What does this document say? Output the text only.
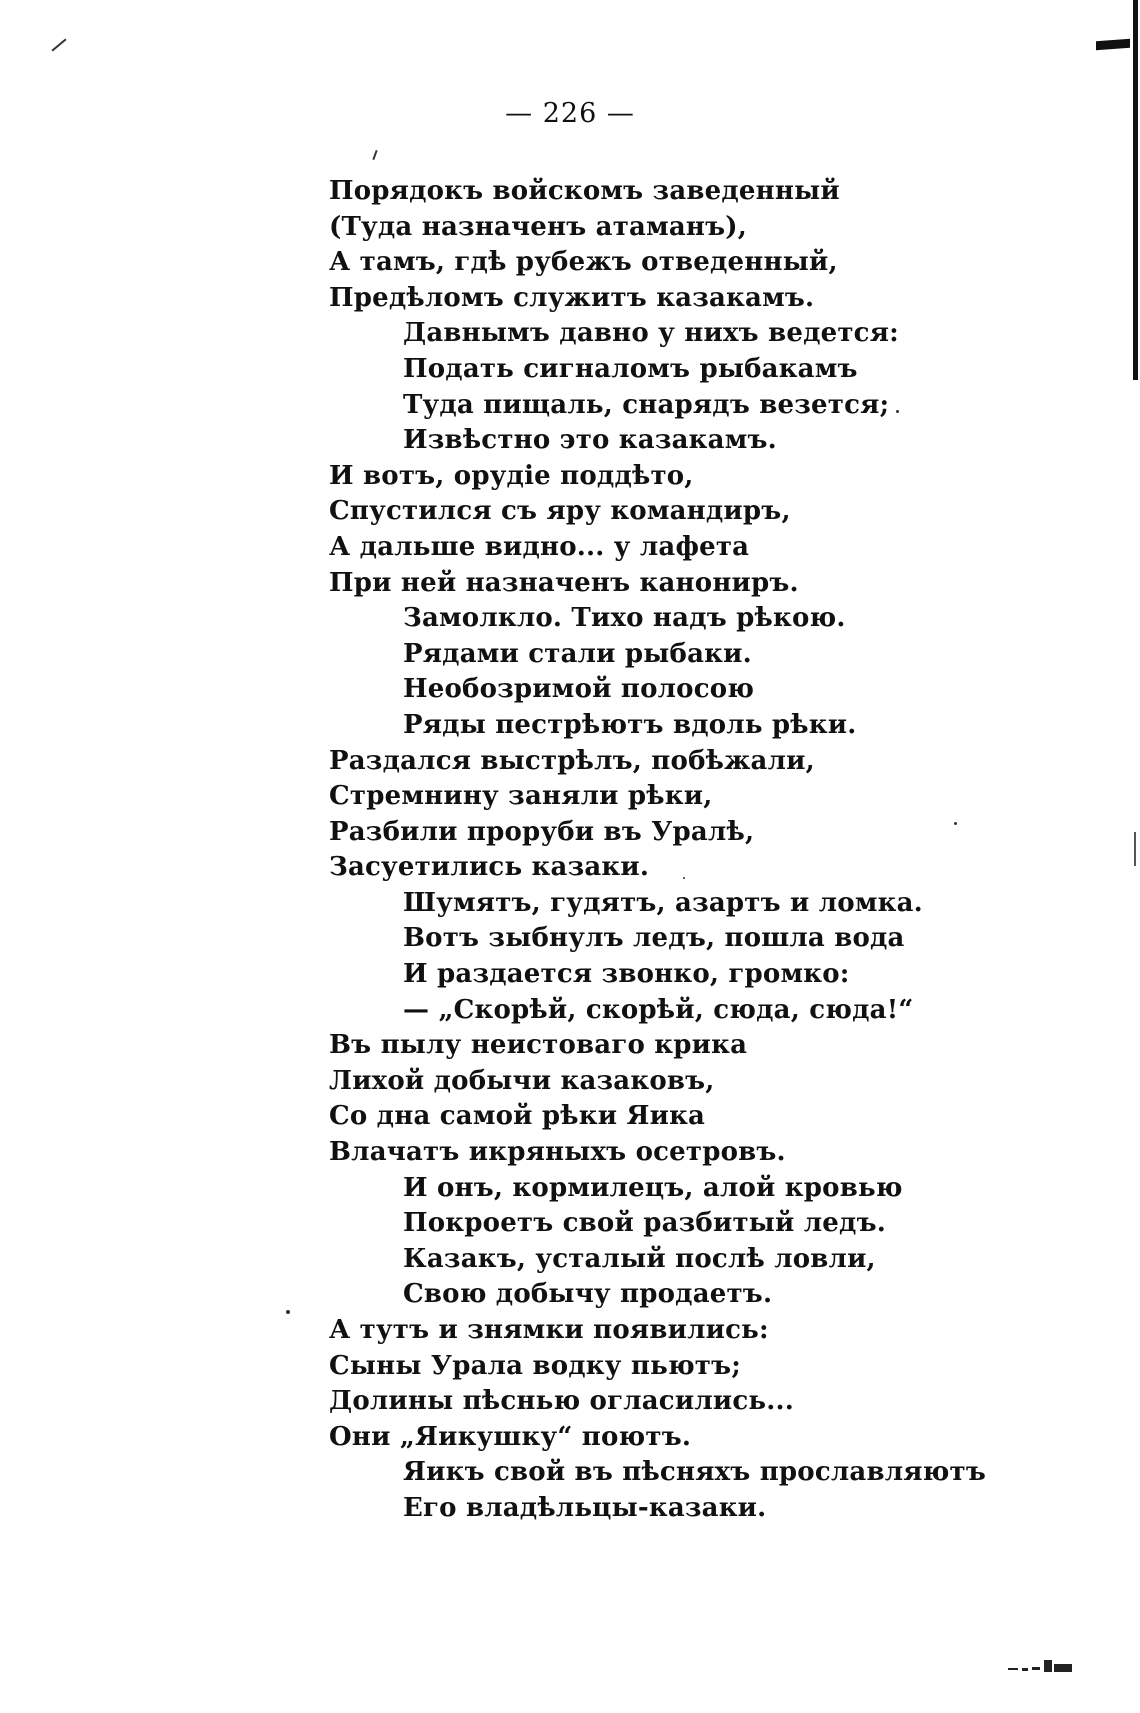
— 226 —
Порядокъ войскомъ заведенный
(Туда назначенъ атаманъ),
А тамъ, гдѣ рубежъ отведенный,
Предѣломъ служитъ казакамъ.
Давнымъ давно у нихъ ведется:
Подать сигналомъ рыбакамъ
Туда пищаль, снарядъ везется;
Извѣстно это казакамъ.
И вотъ, орудіе поддѣто,
Спустился съ яру командиръ,
А дальше видно... у лафета
При ней назначенъ канониръ.
Замолкло. Тихо надъ рѣкою.
Рядами стали рыбаки.
Необозримой полосою
Ряды пестрѣютъ вдоль рѣки.
Раздался выстрѣлъ, побѣжали,
Стремнину заняли рѣки,
Разбили проруби въ Уралѣ,
Засуетились казаки.
Шумятъ, гудятъ, азартъ и ломка.
Вотъ зыбнулъ ледъ, пошла вода
И раздается звонко, громко:
— „Скорѣй, скорѣй, сюда, сюда!“
Въ пылу неистоваго крика
Лихой добычи казаковъ,
Со дна самой рѣки Яика
Влачатъ икряныхъ осетровъ.
И онъ, кормилецъ, алой кровью
Покроетъ свой разбитый ледъ.
Казакъ, усталый послѣ ловли,
Свою добычу продаетъ.
А тутъ и знямки появились:
Сыны Урала водку пьютъ;
Долины пѣснью огласились...
Они „Яикушку“ поютъ.
Яикъ свой въ пѣсняхъ прославляютъ
Его владѣльцы-казаки.
